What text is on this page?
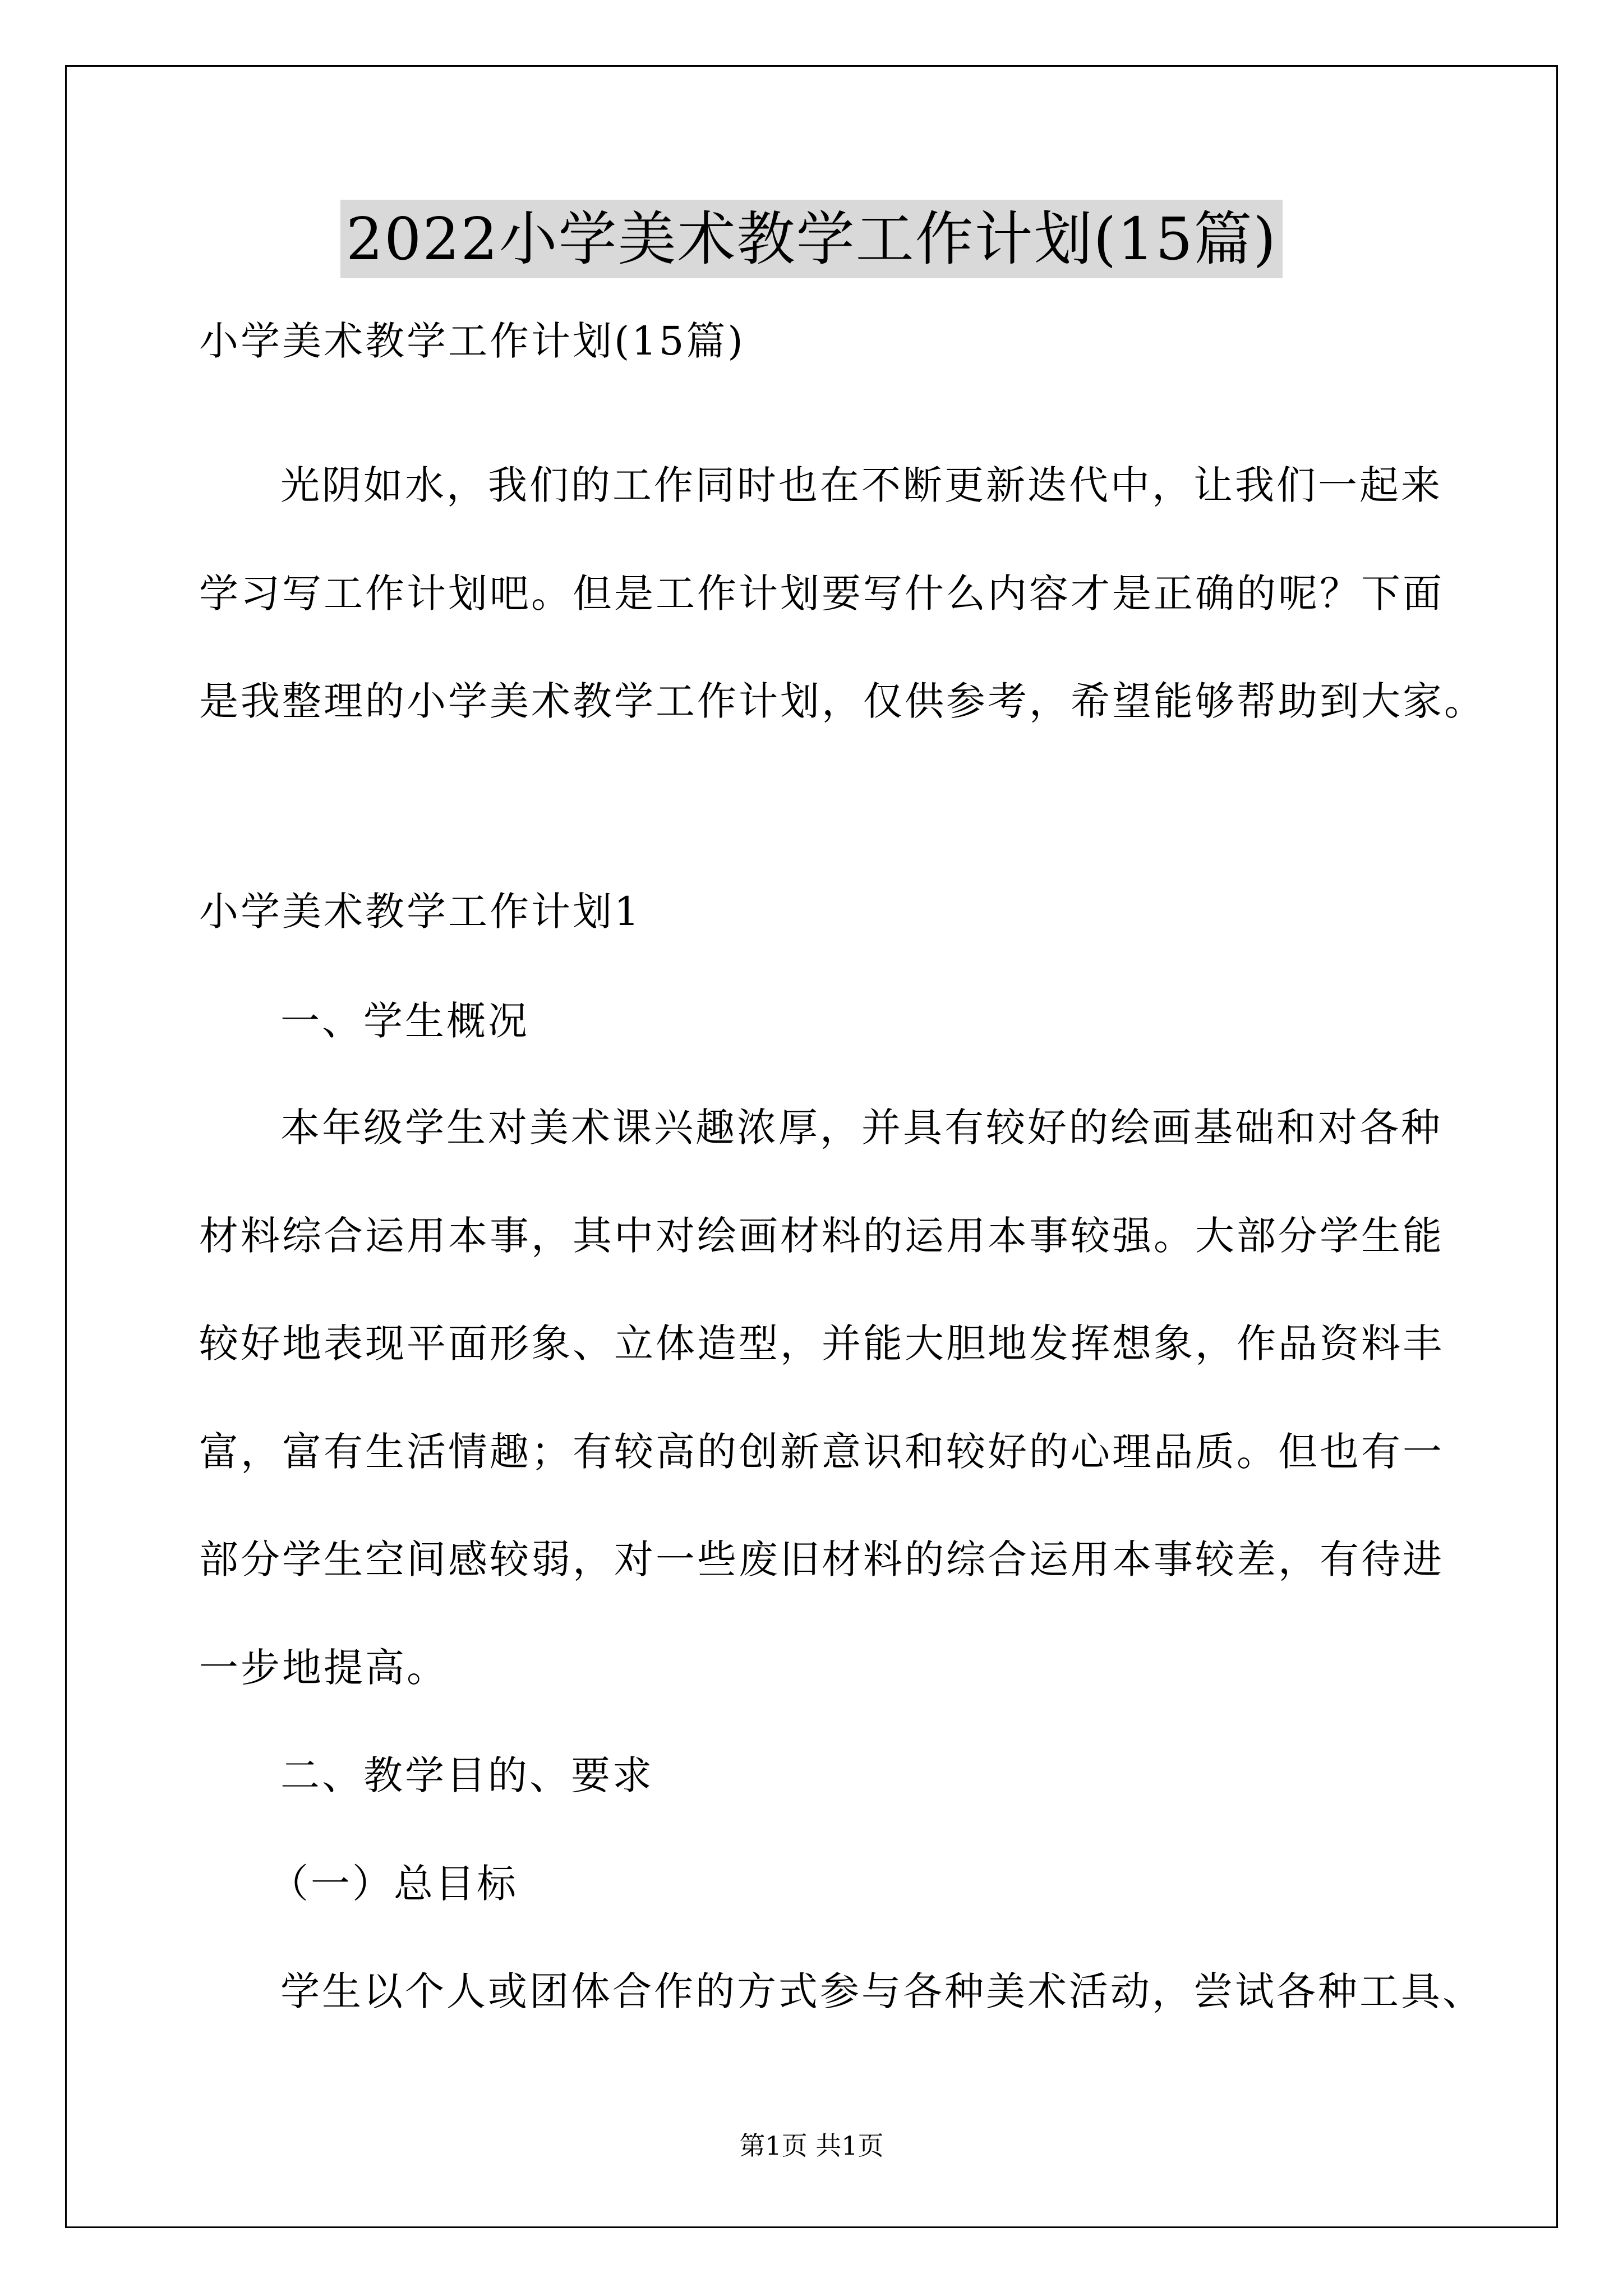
2022小学美术教学工作计划(15篇)
小学美术教学工作计划(15篇)
光阴如水，我们的工作同时也在不断更新迭代中，让我们一起来
学习写工作计划吧。但是工作计划要写什么内容才是正确的呢？下面
是我整理的小学美术教学工作计划，仅供参考，希望能够帮助到大家。
小学美术教学工作计划1
一、学生概况
本年级学生对美术课兴趣浓厚，并具有较好的绘画基础和对各种
材料综合运用本事，其中对绘画材料的运用本事较强。大部分学生能
较好地表现平面形象、立体造型，并能大胆地发挥想象，作品资料丰
富，富有生活情趣；有较高的创新意识和较好的心理品质。但也有一
部分学生空间感较弱，对一些废旧材料的综合运用本事较差，有待进
一步地提高。
二、教学目的、要求
（一）总目标
学生以个人或团体合作的方式参与各种美术活动，尝试各种工具、
第1页 共1页
